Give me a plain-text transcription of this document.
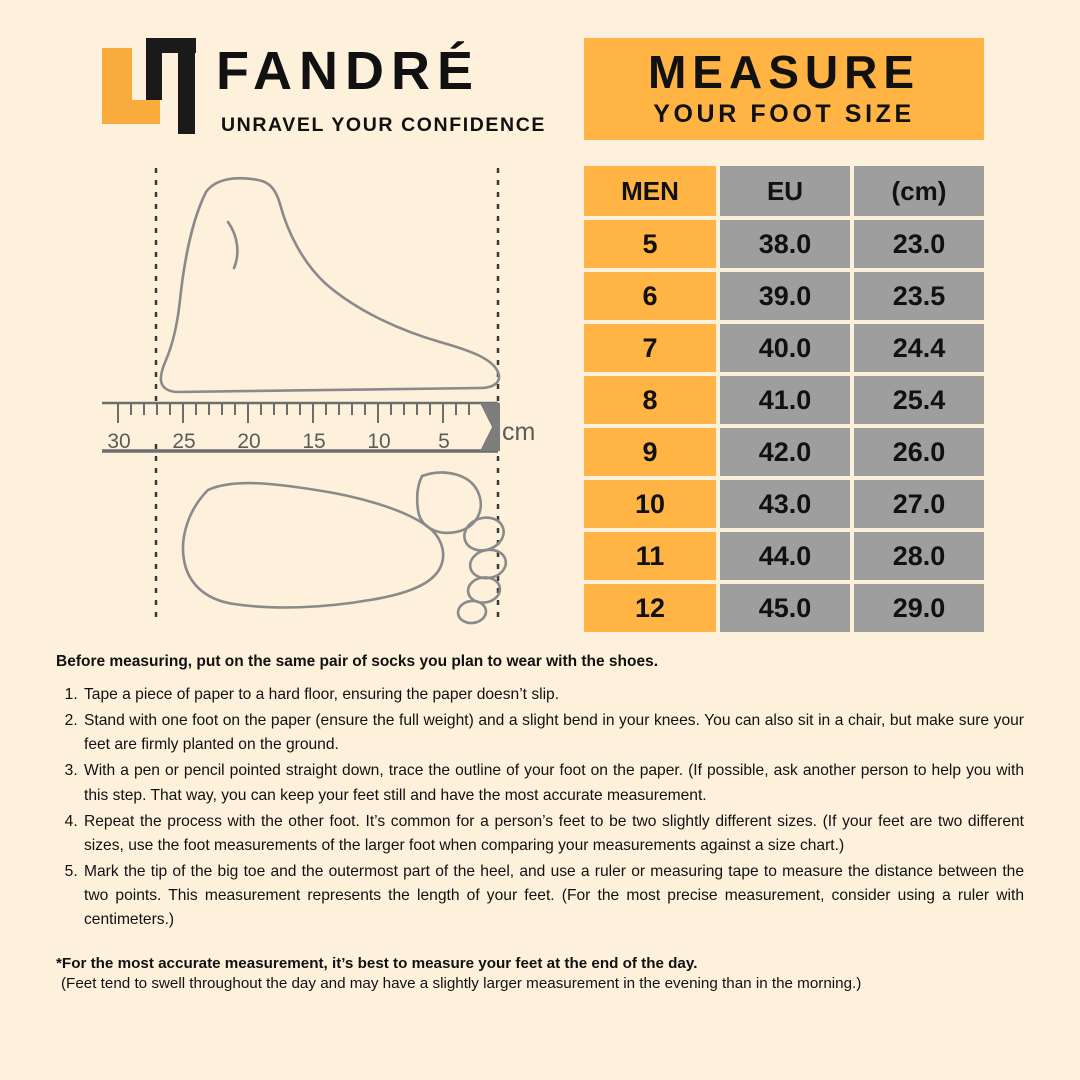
FANDRÉ
UNRAVEL YOUR CONFIDENCE
MEASURE
YOUR FOOT SIZE
30 25 20 15 10 5 cm
MEN	EU	(cm)
5	38.0	23.0
6	39.0	23.5
7	40.0	24.4
8	41.0	25.4
9	42.0	26.0
10	43.0	27.0
11	44.0	28.0
12	45.0	29.0
Before measuring, put on the same pair of socks you plan to wear with the shoes.
1. Tape a piece of paper to a hard floor, ensuring the paper doesn’t slip.
2. Stand with one foot on the paper (ensure the full weight) and a slight bend in your knees. You can also sit in a chair, but make sure your feet are firmly planted on the ground.
3. With a pen or pencil pointed straight down, trace the outline of your foot on the paper. (If possible, ask another person to help you with this step. That way, you can keep your feet still and have the most accurate measurement.
4. Repeat the process with the other foot. It’s common for a person’s feet to be two slightly different sizes. (If your feet are two different sizes, use the foot measurements of the larger foot when comparing your measurements against a size chart.)
5. Mark the tip of the big toe and the outermost part of the heel, and use a ruler or measuring tape to measure the distance between the two points. This measurement represents the length of your feet. (For the most precise measurement, consider using a ruler with centimeters.)
*For the most accurate measurement, it’s best to measure your feet at the end of the day.
(Feet tend to swell throughout the day and may have a slightly larger measurement in the evening than in the morning.)
